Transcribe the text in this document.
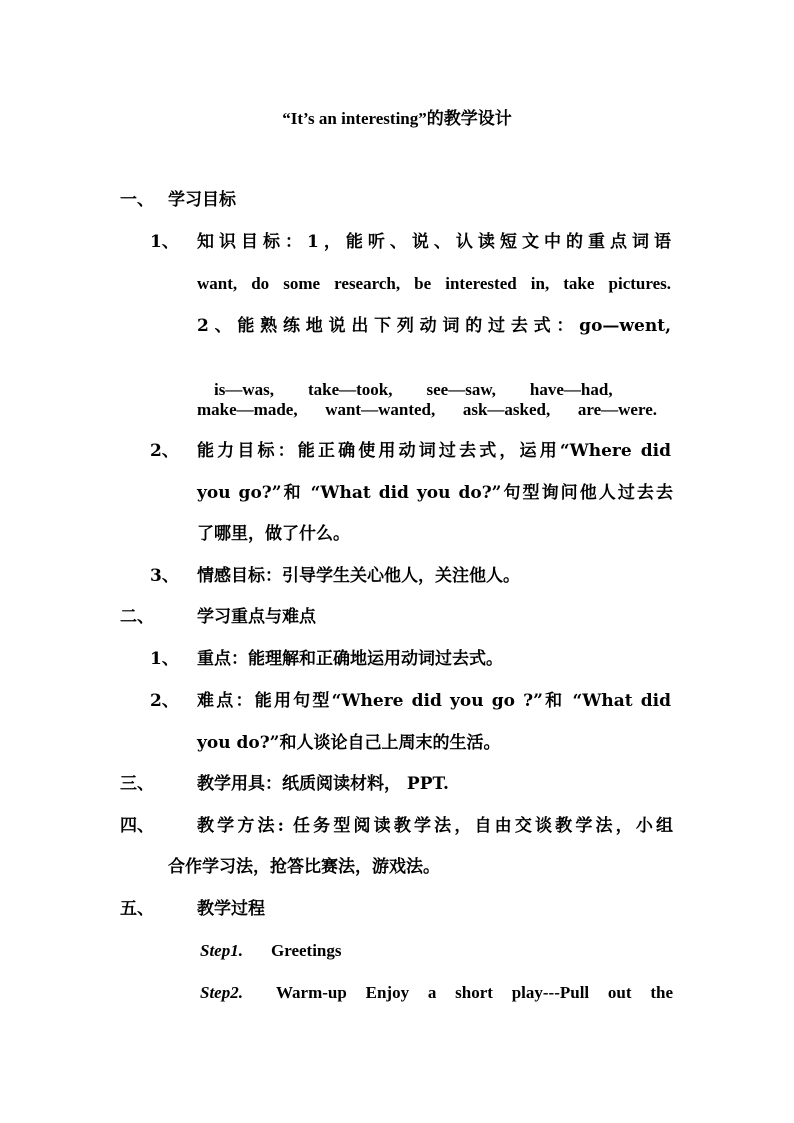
“It’s an interesting”的教学设计
一、 学习目标
1、 知识目标：1，能听、说、认读短文中的重点词语
want, do some research, be interested in, take pictures.
2、能熟练地说出下列动词的过去式：go—went,

is—was,        take—took,        see—saw,        have—had,

make—made, want—wanted, ask—asked, are—were.
2、 能力目标：能正确使用动词过去式，运用“Where did
you go?”和 “What did you do?”句型询问他人过去去
了哪里，做了什么。
3、 情感目标：引导学生关心他人，关注他人。
二、	学习重点与难点
1、 重点：能理解和正确地运用动词过去式。
2、 难点：能用句型“Where did you go ?”和 “What did
you do?”和人谈论自己上周末的生活。
三、	教学用具：纸质阅读材料， PPT.
四、	教学方法: 任务型阅读教学法，自由交谈教学法，小组
合作学习法，抢答比赛法，游戏法。
五、	教学过程
Step1. Greetings
Step2. Warm-up Enjoy a short play---Pull out the
